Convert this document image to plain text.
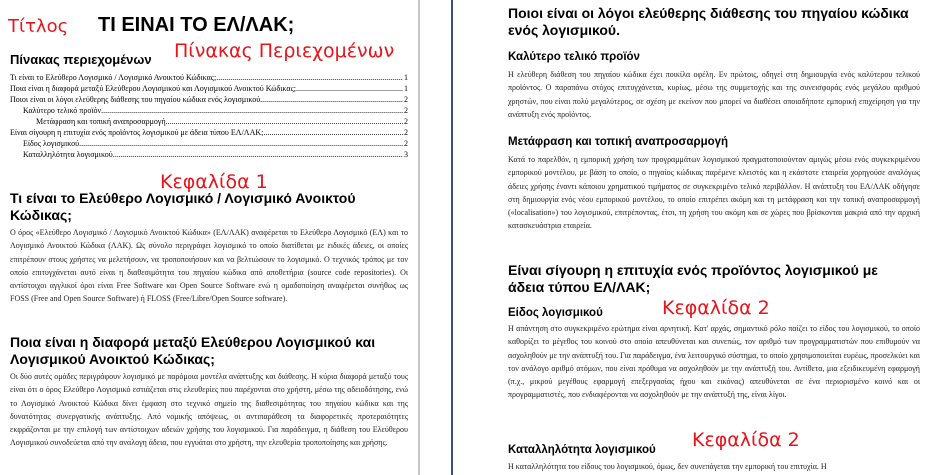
Τίτλος ΤΙ ΕΙΝΑΙ ΤΟ ΕΛ/ΛΑΚ;
Πίνακας περιεχομένων Πίνακας Περιεχομένων
Τι είναι το Ελεύθερο Λογισμικό / Λογισμικό Ανοικτού Κώδικας; .....	1
Ποια είναι η διαφορά μεταξύ Ελεύθερου Λογισμικού και Λογισμικού Ανοικτού Κώδικας; .....	1
Ποιοι είναι οι λόγοι ελεύθερης διάθεσης του πηγαίου κώδικα ενός λογισμικού. .....	2
Καλύτερο τελικό προϊόν .....	2
Μετάφραση και τοπική αναπροσαρμογή .....	2
Είναι σίγουρη η επιτυχία ενός προϊόντος λογισμικού με άδεια τύπου ΕΛ/ΛΑΚ; .....	2
Είδος λογισμικού .....	2
Καταλληλότητα λογισμικού .....	3
Κεφαλίδα 1
Τι είναι το Ελεύθερο Λογισμικό / Λογισμικό Ανοικτού Κώδικας;
Ο όρος «Ελεύθερο Λογισμικό / Λογισμικό Ανοικτού Κώδικα» (ΕΛ/ΛΑΚ) αναφέρεται το Ελεύθερο Λογισμικό (ΕΛ) και το Λογισμικό Ανοικτού Κώδικα (ΛΑΚ). Ως σύνολο περιγράφει λογισμικό το οποίο διατίθεται με ειδικές άδειες, οι οποίες επιτρέπουν στους χρήστες να μελετήσουν, να τροποποιήσουν και να βελτιώσουν το λογισμικό. Ο τεχνικός τρόπος με τον οποίο επιτυγχάνεται αυτό είναι η διαθεσιμότητα του πηγαίου κώδικα από αποθετήρια (source code repositories). Οι αντίστοιχοι αγγλικοί όροι είναι Free Software και Open Source Software ενώ η ομαδοποίηση αναφέρεται συνήθως ως FOSS (Free and Open Source Software) ή FLOSS (Free/Libre/Open Source software).
Ποια είναι η διαφορά μεταξύ Ελεύθερου Λογισμικού και Λογισμικού Ανοικτού Κώδικας;
Οι δύο αυτές ομάδες περιγράφουν λογισμικό με παρόμοια μοντέλα ανάπτυξης και διάθεσης. Η κύρια διαφορά μεταξύ τους είναι ότι ο όρος Ελεύθερο Λογισμικό εστιάζεται στις ελευθερίες που παρέχονται στο χρήστη, μέσω της αδειοδότησης, ενώ το Λογισμικό Ανοικτού Κώδικα δίνει έμφαση στο τεχνικό σημείο της διαθεσιμότητας του πηγαίου κώδικα και της δυνατότητας συνεργατικής ανάπτυξης. Από νομικής απόψεως, οι αντιπαράθεση τα διαφορετικές προτεραιότητες εκφράζονται με την επιλογή των αντίστοιχων αδειών χρήσης του λογισμικού. Για παράδειγμα, η διάθεση του Ελεύθερου Λογισμικού συνοδεύεται από την αναλογη άδεια, που εγγυάται στο χρήστη, την ελευθερία τροποποίησης και χρήσης.
Ποιοι είναι οι λόγοι ελεύθερης διάθεσης του πηγαίου κώδικα ενός λογισμικού.
Καλύτερο τελικό προϊόν
Η ελεύθερη διάθεση του πηγαίου κώδικα έχει ποικίλα οφέλη. Εν πρώτοις, οδηγεί στη δημιουργία ενός καλύτερου τελικού προϊόντος. Ο παραπάνω στόχος επιτυγχάνεται, κυρίως, μέσω της συμμετοχής και της συνεισφοράς ενός μεγάλου αριθμού χρηστών, που είναι πολύ μεγαλύτερος, σε σχέση με εκείνον που μπορεί να διαθέσει οποιαδήποτε εμπορική επιχείρηση για την ανάπτυξη ενός προϊόντος.
Μετάφραση και τοπική αναπροσαρμογή
Κατά το παρελθόν, η εμπορική χρήση των προγραμμάτων λογισμικού πραγματοποιούνταν αμιγώς μέσω ενός συγκεκριμένου εμπορικού μοντέλου, με βάση το οποίο, ο πηγαίος κώδικας παρέμενε κλειστός και η εκάστοτε εταιρεία χορηγούσε αναλόγως άδειες χρήσης έναντι κάποιου χρηματικού τιμήματος σε συγκεκριμένο τελικό περιβάλλον. Η ανάπτυξη του ΕΛ/ΛΑΚ οδήγησε στη δημιουργία ενός νέου εμπορικού μοντέλου, το οποίο επιτρέπει ακόμη και τη μετάφραση και την τοπική αναπροσαρμογή («localisation») του λογισμικού, επιτρέποντας, έτσι, τη χρήση του ακόμη και σε χώρες που βρίσκονται μακριά από την αρχική κατασκευάστρια εταιρεία.
Είναι σίγουρη η επιτυχία ενός προϊόντος λογισμικού με άδεια τύπου ΕΛ/ΛΑΚ;
Είδος λογισμικού	Κεφαλίδα 2
Η απάντηση στο συγκεκριμένο ερώτημα είναι αρνητική. Κατ' αρχάς, σημαντικό ρόλο παίζει το είδος του λογισμικού, το οποίο καθορίζει το μέγεθος του κοινού στο οποίο απευθύνεται και συνεπώς, τον αριθμό των προγραμματιστών που επιθυμούν να ασχοληθούν με την ανάπτυξή του. Για παράδειγμα, ένα λειτουργικό σύστημα, το οποίο χρησιμοποιείται ευρέως, προσελκύει και τον ανάλογο αριθμό ατόμων, που είναι πρόθυμα να ασχοληθούν με την ανάπτυξή του. Αντίθετα, μια εξειδικευμένη εφαρμογή (π.χ., μικρού μεγέθους εφαρμογή επεξεργασίας ήχου και εικόνας) απευθύνεται σε ένα περιορισμένο κοινό και οι προγραμματιστές, που ενδιαφέρονται να ασχοληθούν με την ανάπτυξή της, είναι λίγοι.
Καταλληλότητα λογισμικού	Κεφαλίδα 2
Η καταλληλότητα του είδους του λογισμικού, όμως, δεν συνεπάγεται την εμπορική του επιτυχία. Η
